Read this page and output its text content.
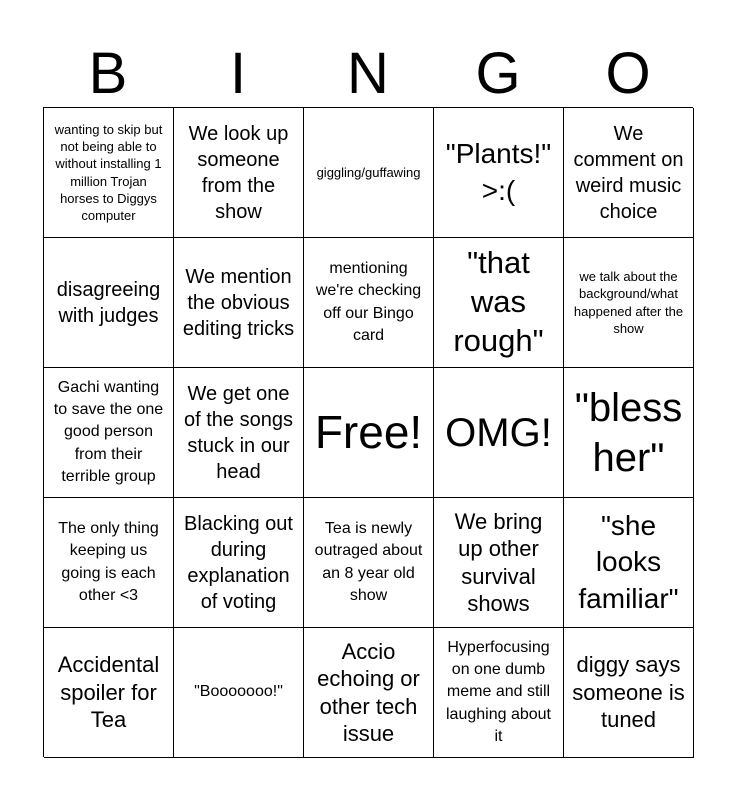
B	I	N	G	O
wanting to skip but not being able to without installing 1 million Trojan horses to Diggys computer
We look up someone from the show
giggling/guffawing
"Plants!" >:(
We comment on weird music choice
disagreeing with judges
We mention the obvious editing tricks
mentioning we're checking off our Bingo card
"that was rough"
we talk about the background/what happened after the show
Gachi wanting to save the one good person from their terrible group
We get one of the songs stuck in our head
Free! OMG!
"bless her"
The only thing keeping us going is each other <3
Blacking out during explanation of voting
Tea is newly outraged about an 8 year old show
We bring up other survival shows
"she looks familiar"
Accidental spoiler for Tea
"Booooooo!"
Accio echoing or other tech issue
Hyperfocusing on one dumb meme and still laughing about it
diggy says someone is tuned
